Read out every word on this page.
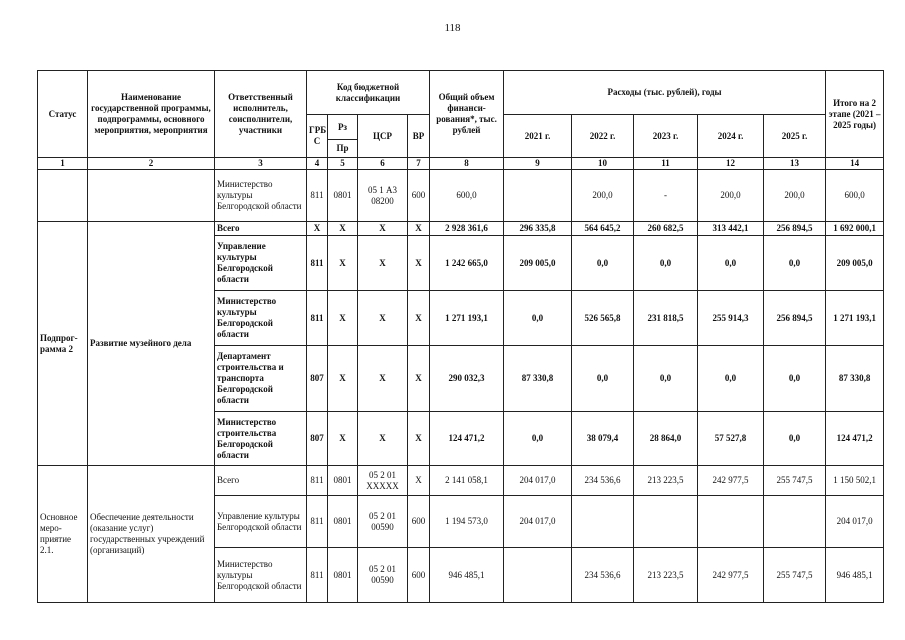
118
Статус	Наименование государственной программы, подпрограммы, основного мероприятия, мероприятия	Ответственный исполнитель, соисполнители, участники	Код бюджетной классификации				Общий объем финанси-рования*, тыс. рублей	Расходы (тыс. рублей), годы					Итого на 2 этапе (2021 – 2025 годы)
			ГРБ С	Рз
Пр	ЦСР	ВР		2021 г.	2022 г.	2023 г.	2024 г.	2025 г.	
1	2	3	4	5	6	7	8	9	10	11	12	13	14
		Министерство культуры Белгородской области	811	0801	05 1 А3 08200	600	600,0		200,0	-	200,0	200,0	600,0
Подпрог-рамма 2	Развитие музейного дела	Всего	Х	Х	Х	Х	2 928 361,6	296 335,8	564 645,2	260 682,5	313 442,1	256 894,5	1 692 000,1
		Управление культуры Белгородской области	811	Х	Х	Х	1 242 665,0	209 005,0	0,0	0,0	0,0	0,0	209 005,0
		Министерство культуры Белгородской области	811	Х	Х	Х	1 271 193,1	0,0	526 565,8	231 818,5	255 914,3	256 894,5	1 271 193,1
		Департамент строительства и транспорта Белгородской области	807	Х	Х	Х	290 032,3	87 330,8	0,0	0,0	0,0	0,0	87 330,8
		Министерство строительства Белгородской области	807	Х	Х	Х	124 471,2	0,0	38 079,4	28 864,0	57 527,8	0,0	124 471,2
Основное меро-приятие 2.1.	Обеспечение деятельности (оказание услуг) государственных учреждений (организаций)	Всего	811	0801	05 2 01 ХХХХХ	Х	2 141 058,1	204 017,0	234 536,6	213 223,5	242 977,5	255 747,5	1 150 502,1
		Управление культуры Белгородской области	811	0801	05 2 01 00590	600	1 194 573,0	204 017,0					204 017,0
		Министерство культуры Белгородской области	811	0801	05 2 01 00590	600	946 485,1		234 536,6	213 223,5	242 977,5	255 747,5	946 485,1
